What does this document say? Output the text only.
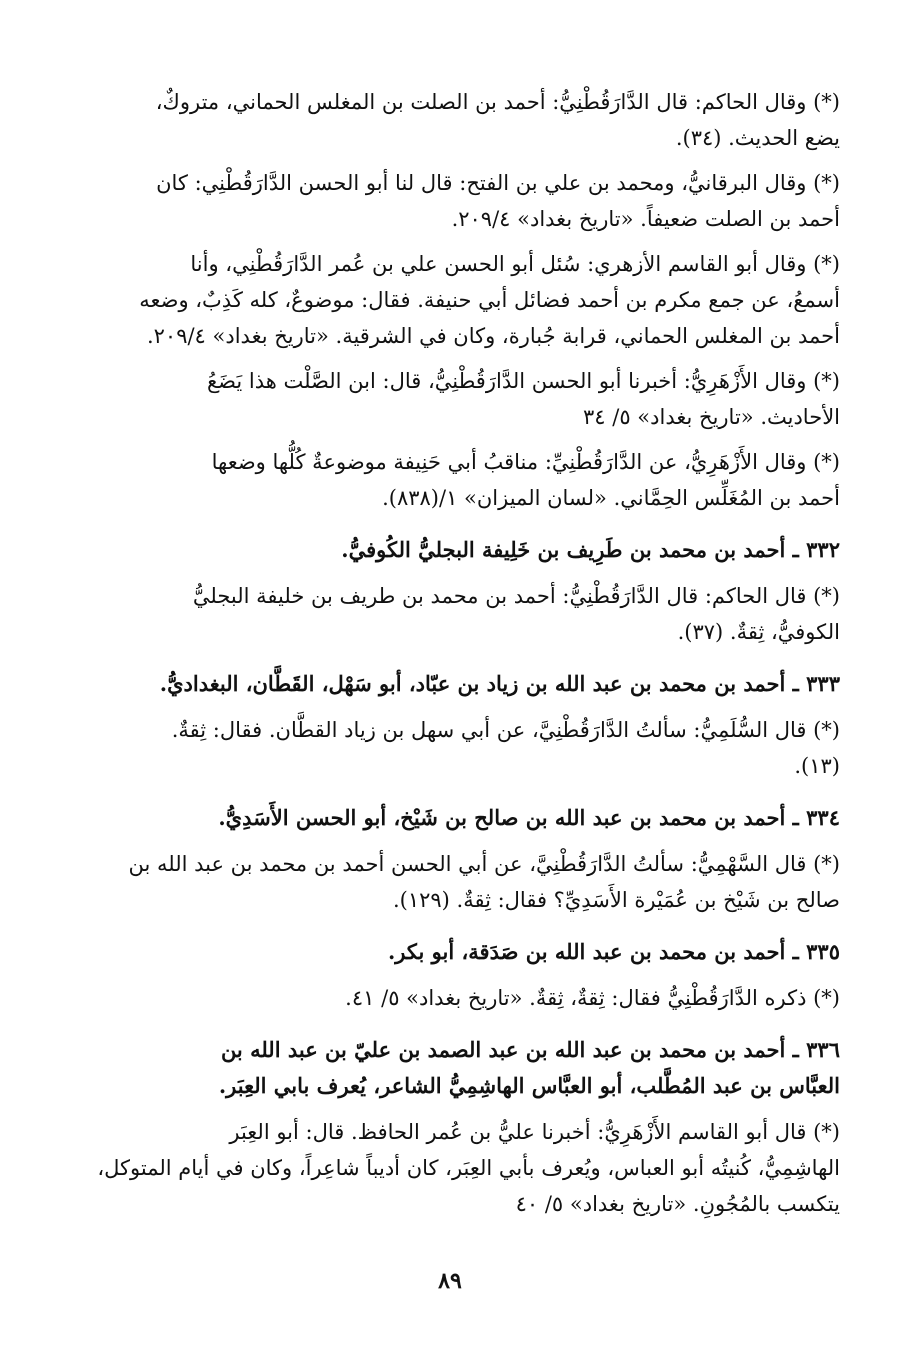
(*) وقال الحاكم: قال الدَّارَقُطْنِيُّ: أحمد بن الصلت بن المغلس الحماني، متروكٌ،
يضع الحديث. (٣٤).
(*) وقال البرقانيُّ، ومحمد بن علي بن الفتح: قال لنا أبو الحسن الدَّارَقُطْنِي: كان
أحمد بن الصلت ضعيفاً. «تاريخ بغداد» ٢٠٩/٤.
(*) وقال أبو القاسم الأزهري: سُئل أبو الحسن علي بن عُمر الدَّارَقُطْنِي، وأنا
أسمعُ، عن جمع مكرم بن أحمد فضائل أبي حنيفة. فقال: موضوعٌ، كله كَذِبٌ، وضعه
أحمد بن المغلس الحماني، قرابة جُبارة، وكان في الشرقية. «تاريخ بغداد» ٢٠٩/٤.
(*) وقال الأَزْهَرِيُّ: أخبرنا أبو الحسن الدَّارَقُطْنِيُّ، قال: ابن الصَّلْت هذا يَضَعُ
الأحاديث. «تاريخ بغداد» ٥/ ٣٤
(*) وقال الأَزْهَرِيُّ، عن الدَّارَقُطْنِيِّ: مناقبُ أبي حَنِيفة موضوعةٌ كُلُّها وضعها
أحمد بن المُغَلِّس الحِمَّاني. «لسان الميزان» ١/(٨٣٨).
٣٣٢ ـ أحمد بن محمد بن طَرِيف بن خَلِيفة البجليُّ الكُوفيُّ.
(*) قال الحاكم: قال الدَّارَقُطْنِيُّ: أحمد بن محمد بن طريف بن خليفة البجليُّ
الكوفيُّ، ثِقةٌ. (٣٧).
٣٣٣ ـ أحمد بن محمد بن عبد الله بن زياد بن عبّاد، أبو سَهْل، القَطَّان، البغداديُّ.
(*) قال السُّلَمِيُّ: سألتُ الدَّارَقُطْنِيَّ، عن أبي سهل بن زياد القطَّان. فقال: ثِقةٌ.
(١٣).
٣٣٤ ـ أحمد بن محمد بن عبد الله بن صالح بن شَيْخ، أبو الحسن الأَسَدِيُّ.
(*) قال السَّهْمِيُّ: سألتُ الدَّارَقُطْنِيَّ، عن أبي الحسن أحمد بن محمد بن عبد الله بن
صالح بن شَيْخ بن عُمَيْرة الأَسَدِيِّ؟ فقال: ثِقةٌ. (١٢٩).
٣٣٥ ـ أحمد بن محمد بن عبد الله بن صَدَقة، أبو بكر.
(*) ذكره الدَّارَقُطْنِيُّ فقال: ثِقةٌ، ثِقةٌ. «تاريخ بغداد» ٥/ ٤١.
٣٣٦ ـ أحمد بن محمد بن عبد الله بن عبد الصمد بن عليّ بن عبد الله بن
العبَّاس بن عبد المُطَّلب، أبو العبَّاس الهاشِمِيُّ الشاعر، يُعرف بابي العِبَر.
(*) قال أبو القاسم الأَزْهَرِيُّ: أخبرنا عليُّ بن عُمر الحافظ. قال: أبو العِبَر
الهاشِمِيُّ، كُنيتُه أبو العباس، ويُعرف بأبي العِبَر، كان أديباً شاعِراً، وكان في أيام المتوكل،
يتكسب بالمُجُونِ. «تاريخ بغداد» ٥/ ٤٠
٨٩
